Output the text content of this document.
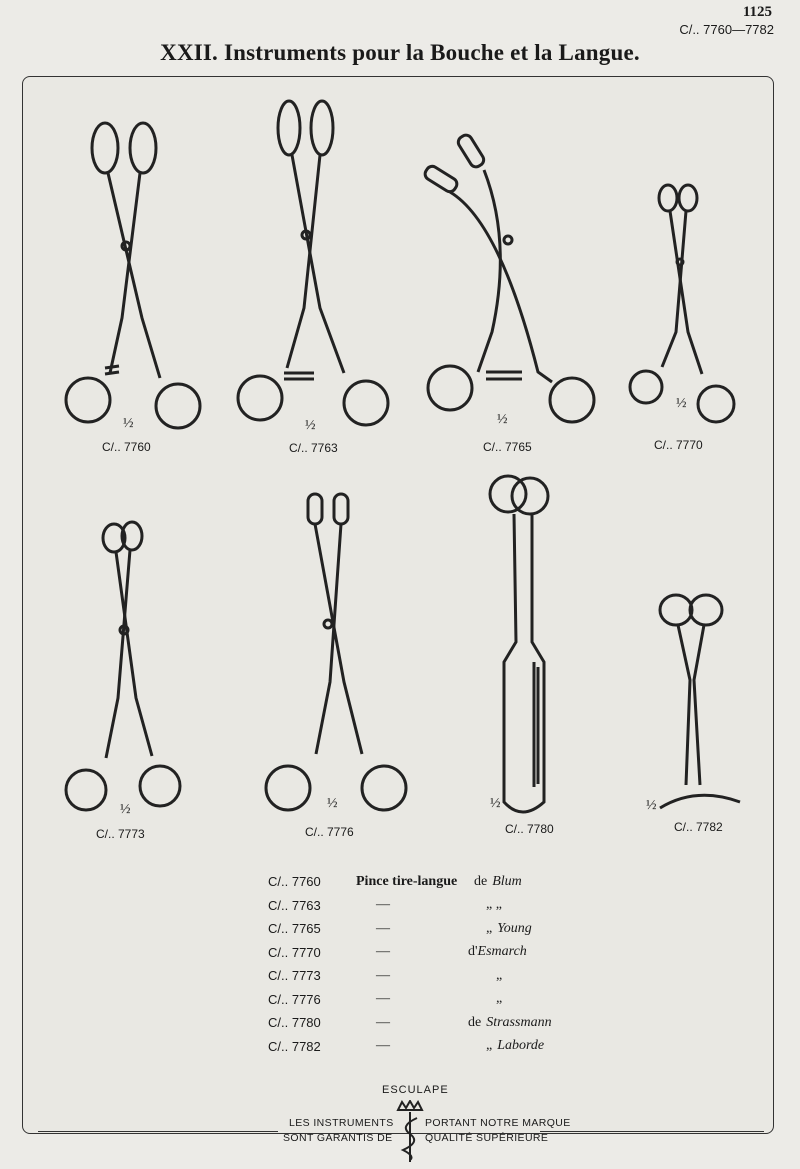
1125
C/.. 7760—7782
XXII. Instruments pour la Bouche et la Langue.
½
C/.. 7760
½
C/.. 7763
½
C/.. 7765
½
C/.. 7770
½
C/.. 7773
½
C/.. 7776
½
C/.. 7780
½
C/.. 7782
C/.. 7760	Pince tire-langue	de Blum
C/.. 7763	—	„ „
C/.. 7765	—	„ Young
C/.. 7770	—	d' Esmarch
C/.. 7773	—	„
C/.. 7776	—	„
C/.. 7780	—	de Strassmann
C/.. 7782	—	„ Laborde
ESCULAPE
LES INSTRUMENTS	PORTANT NOTRE MARQUE
SONT GARANTIS DE	QUALITÉ SUPÉRIEURE
